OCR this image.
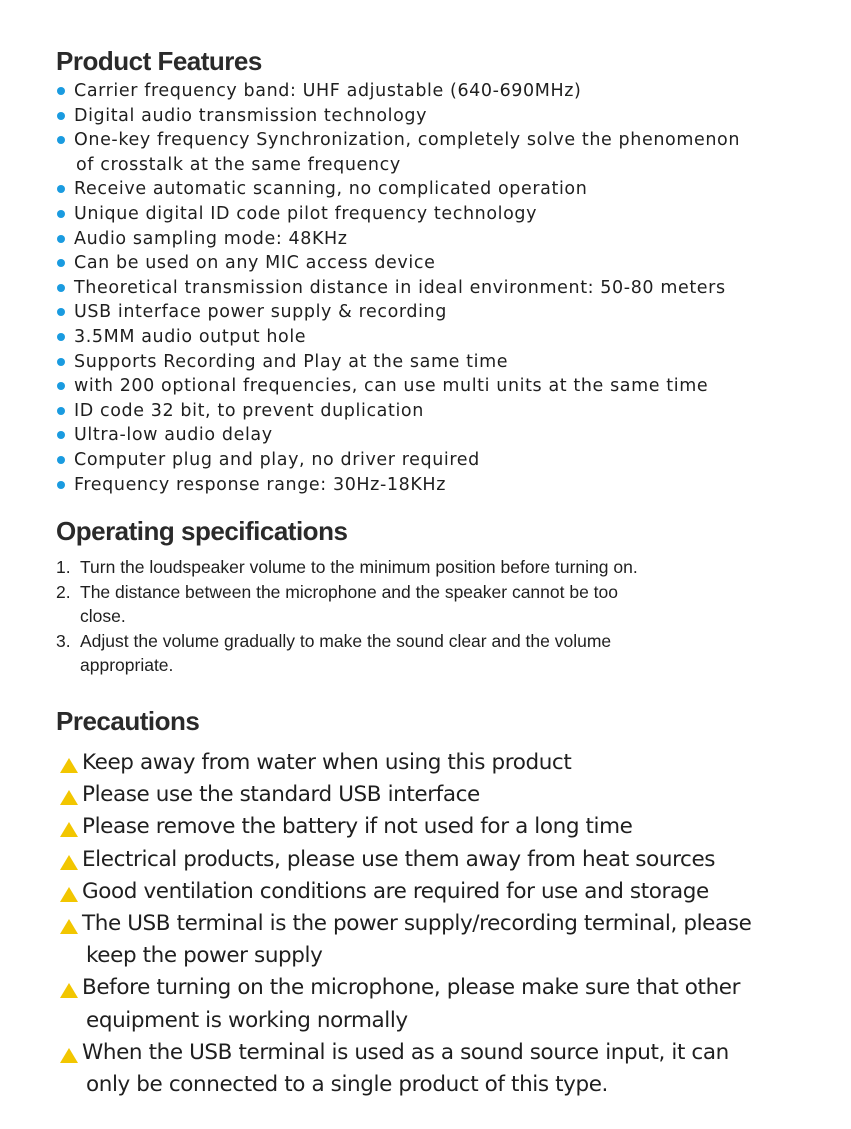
Product Features
Carrier frequency band: UHF adjustable (640-690MHz)
Digital audio transmission technology
One-key frequency Synchronization, completely solve the phenomenon
of crosstalk at the same frequency
Receive automatic scanning, no complicated operation
Unique digital ID code pilot frequency technology
Audio sampling mode: 48KHz
Can be used on any MIC access device
Theoretical transmission distance in ideal environment: 50-80 meters
USB interface power supply & recording
3.5MM audio output hole
Supports Recording and Play at the same time
with 200 optional frequencies, can use multi units at the same time
ID code 32 bit, to prevent duplication
Ultra-low audio delay
Computer plug and play, no driver required
Frequency response range: 30Hz-18KHz
Operating specifications
1. Turn the loudspeaker volume to the minimum position before turning on.
2. The distance between the microphone and the speaker cannot be too
close.
3. Adjust the volume gradually to make the sound clear and the volume
appropriate.
Precautions
Keep away from water when using this product
Please use the standard USB interface
Please remove the battery if not used for a long time
Electrical products, please use them away from heat sources
Good ventilation conditions are required for use and storage
The USB terminal is the power supply/recording terminal, please
keep the power supply
Before turning on the microphone, please make sure that other
equipment is working normally
When the USB terminal is used as a sound source input, it can
only be connected to a single product of this type.
